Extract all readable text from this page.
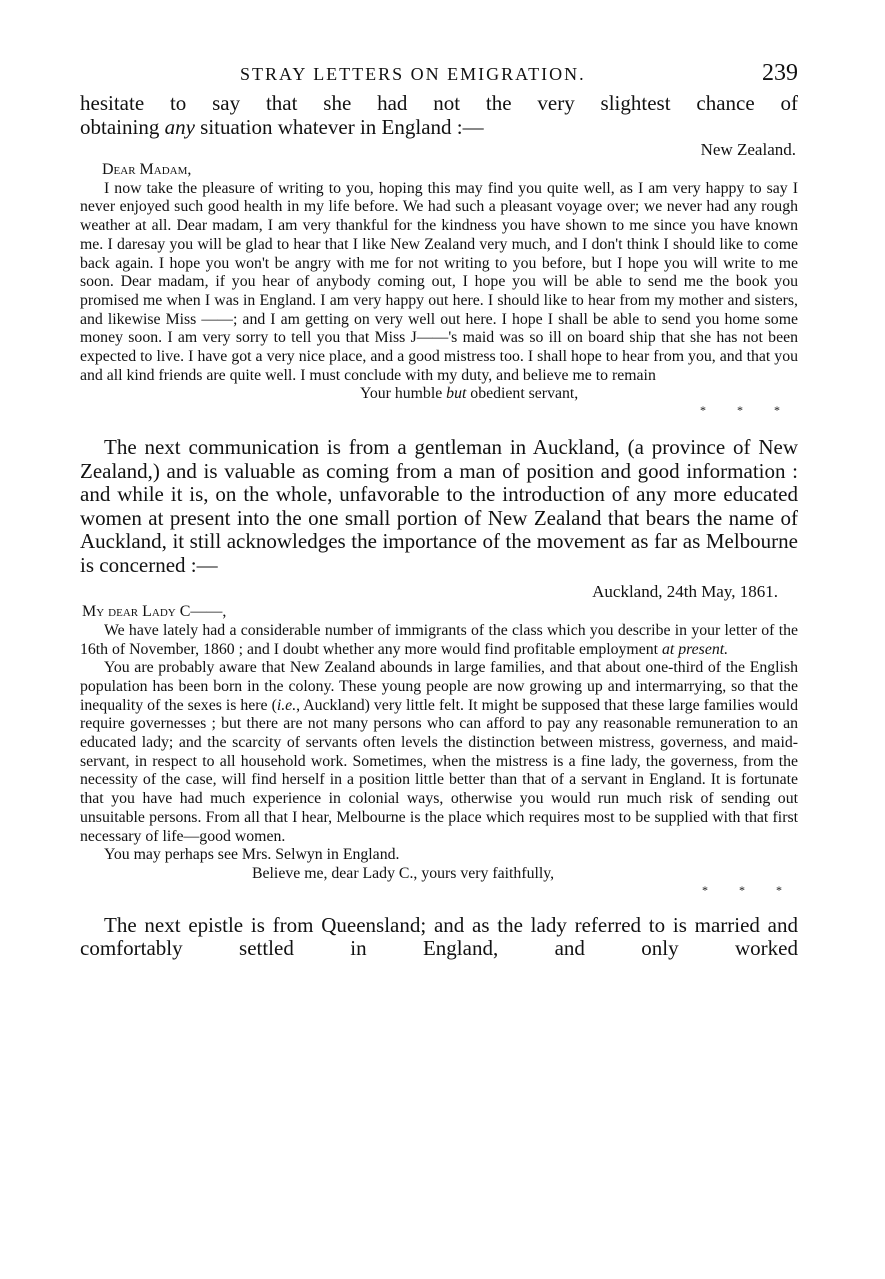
STRAY LETTERS ON EMIGRATION.	239

hesitate to say that she had not the very slightest chance of

obtaining any situation whatever in England :—

New Zealand.

Dear Madam,

I now take the pleasure of writing to you, hoping this may find you quite well, as I am very happy to say I never enjoyed such good health in my life before. We had such a pleasant voyage over; we never had any rough weather at all. Dear madam, I am very thankful for the kindness you have shown to me since you have known me. I daresay you will be glad to hear that I like New Zealand very much, and I don't think I should like to come back again. I hope you won't be angry with me for not writing to you before, but I hope you will write to me soon. Dear madam, if you hear of anybody coming out, I hope you will be able to send me the book you promised me when I was in England. I am very happy out here. I should like to hear from my mother and sisters, and likewise Miss ——; and I am getting on very well out here. I hope I shall be able to send you home some money soon. I am very sorry to tell you that Miss J——'s maid was so ill on board ship that she has not been expected to live. I have got a very nice place, and a good mistress too. I shall hope to hear from you, and that you and all kind friends are quite well. I must conclude with my duty, and believe me to remain

Your humble but obedient servant,

* * *

The next communication is from a gentleman in Auckland, (a province of New Zealand,) and is valuable as coming from a man of position and good information : and while it is, on the whole, unfavorable to the introduction of any more educated women at present into the one small portion of New Zealand that bears the name of Auckland, it still acknowledges the importance of the movement as far as Melbourne is concerned :—

Auckland, 24th May, 1861.

My dear Lady C——,

We have lately had a considerable number of immigrants of the class which you describe in your letter of the 16th of November, 1860 ; and I doubt whether any more would find profitable employment at present.

You are probably aware that New Zealand abounds in large families, and that about one-third of the English population has been born in the colony. These young people are now growing up and intermarrying, so that the inequality of the sexes is here (i.e., Auckland) very little felt. It might be supposed that these large families would require governesses ; but there are not many persons who can afford to pay any reasonable remuneration to an educated lady; and the scarcity of servants often levels the distinction between mistress, governess, and maid-servant, in respect to all household work. Sometimes, when the mistress is a fine lady, the governess, from the necessity of the case, will find herself in a position little better than that of a servant in England. It is fortunate that you have had much experience in colonial ways, otherwise you would run much risk of sending out unsuitable persons. From all that I hear, Melbourne is the place which requires most to be supplied with that first necessary of life—good women.

You may perhaps see Mrs. Selwyn in England.

Believe me, dear Lady C., yours very faithfully,

* * *

The next epistle is from Queensland; and as the lady referred to is married and comfortably settled in England, and only worked
